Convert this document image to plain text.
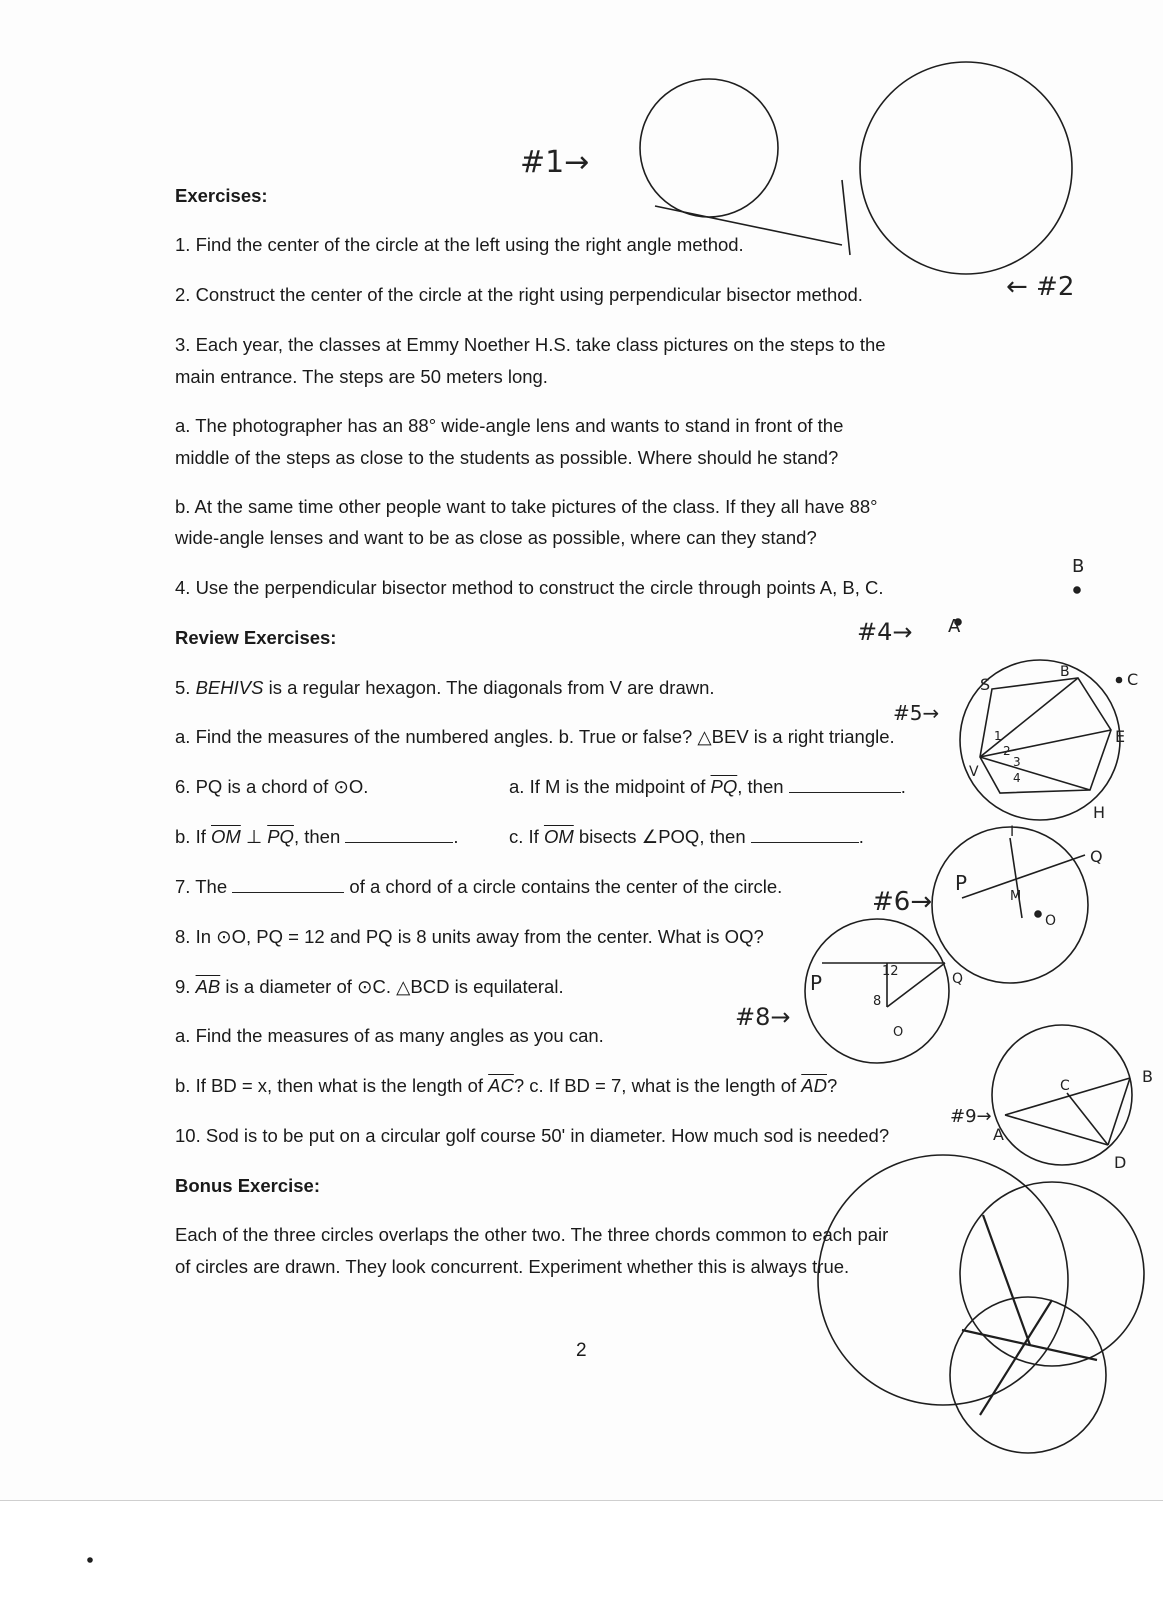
Exercises:
1. Find the center of the circle at the left using the right angle method.
2. Construct the center of the circle at the right using perpendicular bisector method.
3. Each year, the classes at Emmy Noether H.S. take class pictures on the steps to the
main entrance. The steps are 50 meters long.
a. The photographer has an 88° wide-angle lens and wants to stand in front of the
middle of the steps as close to the students as possible. Where should he stand?
b. At the same time other people want to take pictures of the class. If they all have 88°
wide-angle lenses and want to be as close as possible, where can they stand?
4. Use the perpendicular bisector method to construct the circle through points A, B, C.
Review Exercises:
5. BEHIVS is a regular hexagon. The diagonals from V are drawn.
a. Find the measures of the numbered angles. b. True or false? △BEV is a right triangle.
6. PQ is a chord of ⊙O.	a. If M is the midpoint of $\overline{PQ}$, then	.
b. If $\overline{OM}$ ⊥ $\overline{PQ}$, then	.	c. If $\overline{OM}$ bisects ∠POQ, then	.
7. The	of a chord of a circle contains the center of the circle.
8. In ⊙O, PQ = 12 and PQ is 8 units away from the center. What is OQ?
9. $\overline{AB}$ is a diameter of ⊙C. △BCD is equilateral.
a. Find the measures of as many angles as you can.
b. If BD = x, then what is the length of $\overline{AC}$? c. If BD = 7, what is the length of $\overline{AD}$?
10. Sod is to be put on a circular golf course 50' in diameter. How much sod is needed?
Bonus Exercise:
Each of the three circles overlaps the other two. The three chords common to each pair
of circles are drawn. They look concurrent. Experiment whether this is always true.
2
#1→
← #2
#4→
#5→
#6→
#8→
#9→
A
B
C
B
E
H
I
V
S
1
2
3
4
P
Q
M
O
P	Q
12
8
O
A
B
C
D
